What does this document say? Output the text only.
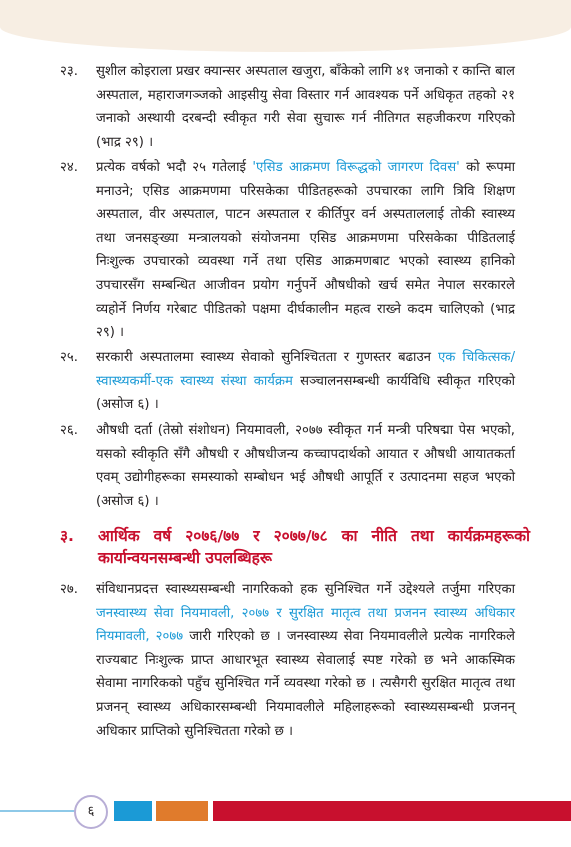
२३.	सुशील कोइराला प्रखर क्यान्सर अस्पताल खजुरा, बाँकेको लागि ४१ जनाको र कान्ति बाल अस्पताल, महाराजगञ्जको आइसीयु सेवा विस्तार गर्न आवश्यक पर्ने अधिकृत तहको २१ जनाको अस्थायी दरबन्दी स्वीकृत गरी सेवा सुचारू गर्न नीतिगत सहजीकरण गरिएको (भाद्र २९) ।
२४.	प्रत्येक वर्षको भदौ २५ गतेलाई 'एसिड आक्रमण विरूद्धको जागरण दिवस' को रूपमा मनाउने; एसिड आक्रमणमा परिसकेका पीडितहरूको उपचारका लागि त्रिवि शिक्षण अस्पताल, वीर अस्पताल, पाटन अस्पताल र कीर्तिपुर वर्न अस्पताललाई तोकी स्वास्थ्य तथा जनसङ्ख्या मन्त्रालयको संयोजनमा एसिड आक्रमणमा परिसकेका पीडितलाई निःशुल्क उपचारको व्यवस्था गर्ने तथा एसिड आक्रमणबाट भएको स्वास्थ्य हानिको उपचारसँग सम्बन्धित आजीवन प्रयोग गर्नुपर्ने औषधीको खर्च समेत नेपाल सरकारले व्यहोर्ने निर्णय गरेबाट पीडितको पक्षमा दीर्घकालीन महत्व राख्ने कदम चालिएको (भाद्र २९) ।
२५.	सरकारी अस्पतालमा स्वास्थ्य सेवाको सुनिश्चितता र गुणस्तर बढाउन एक चिकित्सक/स्वास्थ्यकर्मी-एक स्वास्थ्य संस्था कार्यक्रम सञ्चालनसम्बन्धी कार्यविधि स्वीकृत गरिएको (असोज ६) ।
२६.	औषधी दर्ता (तेस्रो संशोधन) नियमावली, २०७७ स्वीकृत गर्न मन्त्री परिषद्मा पेस भएको, यसको स्वीकृति सँगै औषधी र औषधीजन्य कच्चापदार्थको आयात र औषधी आयातकर्ता एवम् उद्योगीहरूका समस्याको सम्बोधन भई औषधी आपूर्ति र उत्पादनमा सहज भएको (असोज ६) ।
३.	आर्थिक वर्ष २०७६/७७ र २०७७/७८ का नीति तथा कार्यक्रमहरूको कार्यान्वयनसम्बन्धी उपलब्धिहरू
२७.	संविधानप्रदत्त स्वास्थ्यसम्बन्धी नागरिकको हक सुनिश्चित गर्ने उद्देश्यले तर्जुमा गरिएका जनस्वास्थ्य सेवा नियमावली, २०७७ र सुरक्षित मातृत्व तथा प्रजनन स्वास्थ्य अधिकार नियमावली, २०७७ जारी गरिएको छ । जनस्वास्थ्य सेवा नियमावलीले प्रत्येक नागरिकले राज्यबाट निःशुल्क प्राप्त आधारभूत स्वास्थ्य सेवालाई स्पष्ट गरेको छ भने आकस्मिक सेवामा नागरिकको पहुँच सुनिश्चित गर्ने व्यवस्था गरेको छ । त्यसैगरी सुरक्षित मातृत्व तथा प्रजनन् स्वास्थ्य अधिकारसम्बन्धी नियमावलीले महिलाहरूको स्वास्थ्यसम्बन्धी प्रजनन् अधिकार प्राप्तिको सुनिश्चितता गरेको छ ।
६
